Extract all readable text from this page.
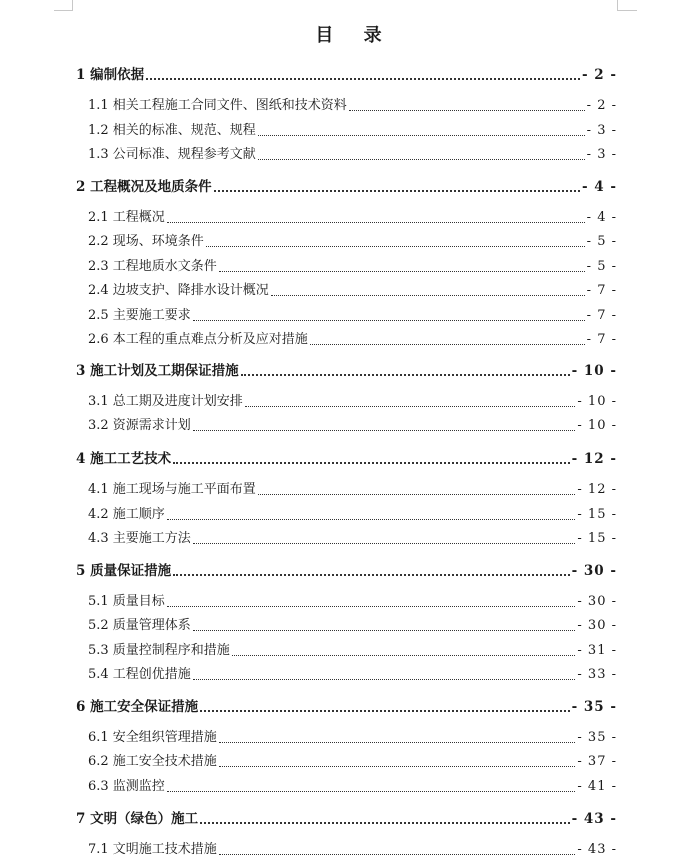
目 录
1 编制依据	- 2 -
1.1 相关工程施工合同文件、图纸和技术资料	- 2 -
1.2 相关的标准、规范、规程	- 3 -
1.3 公司标准、规程参考文献	- 3 -
2 工程概况及地质条件	- 4 -
2.1 工程概况	- 4 -
2.2 现场、环境条件	- 5 -
2.3 工程地质水文条件	- 5 -
2.4 边坡支护、降排水设计概况	- 7 -
2.5 主要施工要求	- 7 -
2.6 本工程的重点难点分析及应对措施	- 7 -
3 施工计划及工期保证措施	- 10 -
3.1 总工期及进度计划安排	- 10 -
3.2 资源需求计划	- 10 -
4 施工工艺技术	- 12 -
4.1 施工现场与施工平面布置	- 12 -
4.2 施工顺序	- 15 -
4.3 主要施工方法	- 15 -
5 质量保证措施	- 30 -
5.1 质量目标	- 30 -
5.2 质量管理体系	- 30 -
5.3 质量控制程序和措施	- 31 -
5.4 工程创优措施	- 33 -
6 施工安全保证措施	- 35 -
6.1 安全组织管理措施	- 35 -
6.2 施工安全技术措施	- 37 -
6.3 监测监控	- 41 -
7 文明（绿色）施工	- 43 -
7.1 文明施工技术措施	- 43 -
